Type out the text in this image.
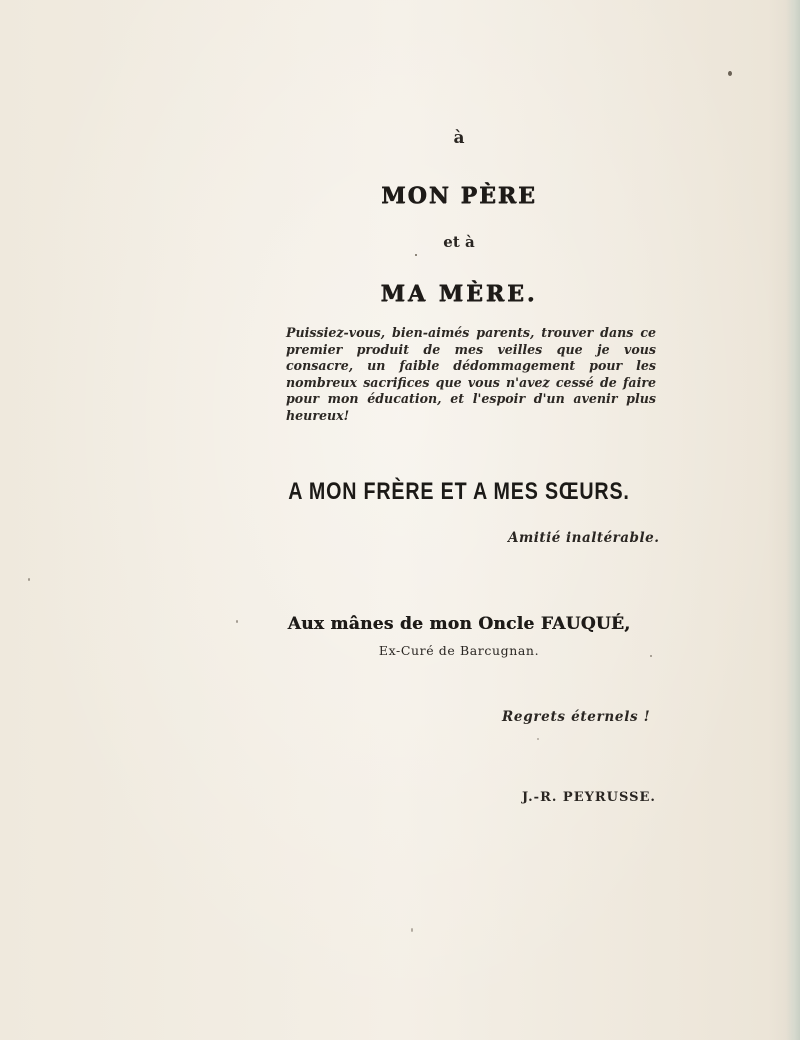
à
MON PÈRE
et à
MA MÈRE.
Puissiez-vous, bien-aimés parents, trouver dans ce premier produit de mes veilles que je vous consacre, un faible dédommagement pour les nombreux sacrifices que vous n'avez cessé de faire pour mon éducation, et l'espoir d'un avenir plus heureux!
A MON FRÈRE ET A MES SŒURS.
Amitié inaltérable.
Aux mânes de mon Oncle FAUQUÉ,
Ex-Curé de Barcugnan.
Regrets éternels !
J.-R. PEYRUSSE.
